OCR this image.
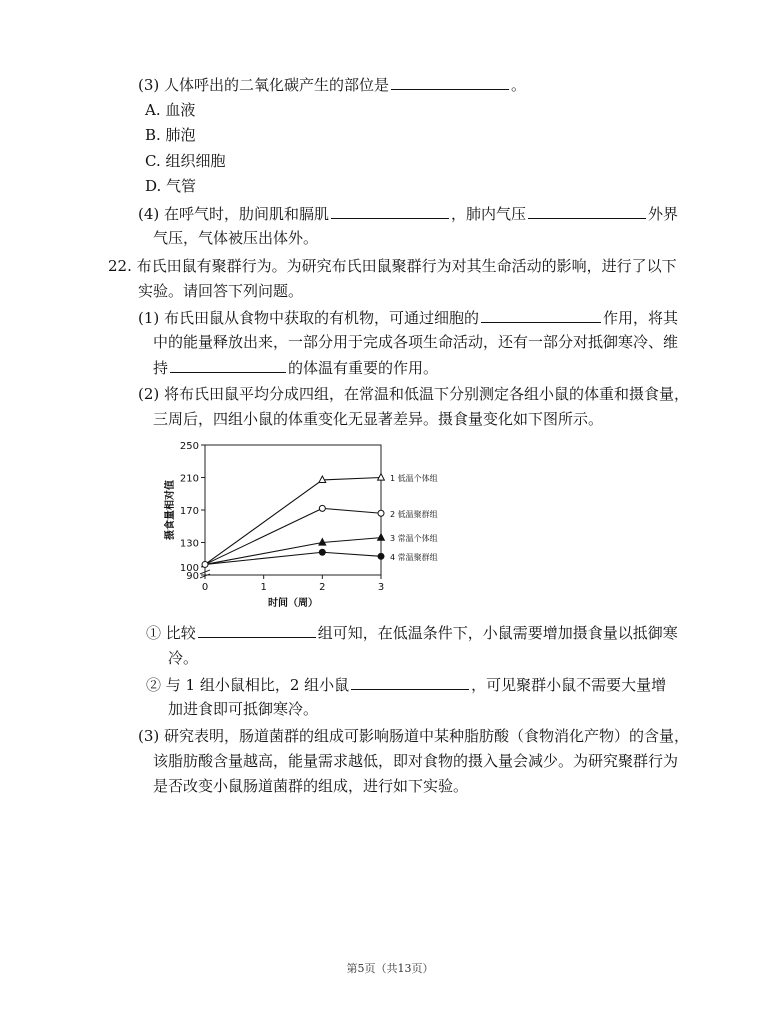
(3) 人体呼出的二氧化碳产生的部位是	。
A. 血液
B. 肺泡
C. 组织细胞
D. 气管
(4) 在呼气时，肋间肌和膈肌	，肺内气压	外界
气压，气体被压出体外。
22. 布氏田鼠有聚群行为。为研究布氏田鼠聚群行为对其生命活动的影响，进行了以下
实验。请回答下列问题。
(1) 布氏田鼠从食物中获取的有机物，可通过细胞的	作用，将其
中的能量释放出来，一部分用于完成各项生命活动，还有一部分对抵御寒冷、维
持	的体温有重要的作用。
(2) 将布氏田鼠平均分成四组，在常温和低温下分别测定各组小鼠的体重和摄食量，
三周后，四组小鼠的体重变化无显著差异。摄食量变化如下图所示。
90
100
130
170
210
250
0	1	2	3
时间（周）
摄食量相对值
1 低温个体组
2 低温聚群组
3 常温个体组
4 常温聚群组
① 比较	组可知，在低温条件下，小鼠需要增加摄食量以抵御寒
冷。
② 与 1 组小鼠相比，2 组小鼠	，可见聚群小鼠不需要大量增
加进食即可抵御寒冷。
(3) 研究表明，肠道菌群的组成可影响肠道中某种脂肪酸（食物消化产物）的含量，
该脂肪酸含量越高，能量需求越低，即对食物的摄入量会减少。为研究聚群行为
是否改变小鼠肠道菌群的组成，进行如下实验。
第5页（共13页）
